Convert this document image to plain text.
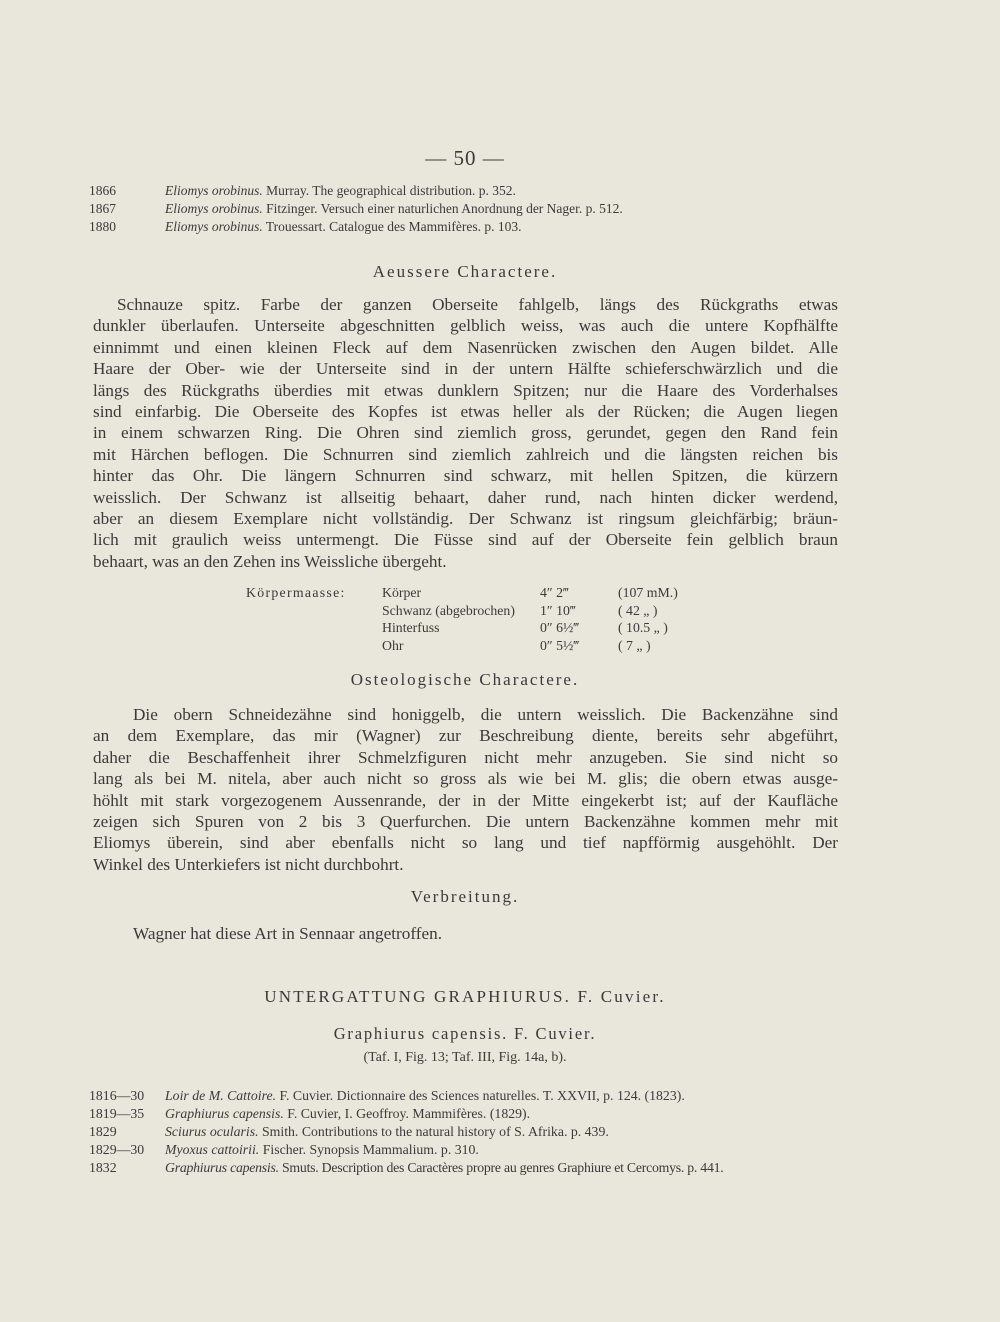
— 50 —
1866	Eliomys orobinus. Murray. The geographical distribution. p. 352.
1867	Eliomys orobinus. Fitzinger. Versuch einer naturlichen Anordnung der Nager. p. 512.
1880	Eliomys orobinus. Trouessart. Catalogue des Mammifères. p. 103.
Aeussere Charactere.
Schnauze spitz. Farbe der ganzen Oberseite fahlgelb, längs des Rückgraths etwas
dunkler überlaufen. Unterseite abgeschnitten gelblich weiss, was auch die untere Kopfhälfte
einnimmt und einen kleinen Fleck auf dem Nasenrücken zwischen den Augen bildet. Alle
Haare der Ober- wie der Unterseite sind in der untern Hälfte schieferschwärzlich und die
längs des Rückgraths überdies mit etwas dunklern Spitzen; nur die Haare des Vorderhalses
sind einfarbig. Die Oberseite des Kopfes ist etwas heller als der Rücken; die Augen liegen
in einem schwarzen Ring. Die Ohren sind ziemlich gross, gerundet, gegen den Rand fein
mit Härchen beflogen. Die Schnurren sind ziemlich zahlreich und die längsten reichen bis
hinter das Ohr. Die längern Schnurren sind schwarz, mit hellen Spitzen, die kürzern
weisslich. Der Schwanz ist allseitig behaart, daher rund, nach hinten dicker werdend,
aber an diesem Exemplare nicht vollständig. Der Schwanz ist ringsum gleichfärbig; bräun-
lich mit graulich weiss untermengt. Die Füsse sind auf der Oberseite fein gelblich braun
behaart, was an den Zehen ins Weissliche übergeht.
Körpermaasse:	Körper	4″ 2‴	(107 mM.)
Schwanz (abgebrochen)	1″ 10‴	( 42 „ )
Hinterfuss	0″ 6½‴	( 10.5 „ )
Ohr	0″ 5½‴	( 7 „ )
Osteologische Charactere.
Die obern Schneidezähne sind honiggelb, die untern weisslich. Die Backenzähne sind
an dem Exemplare, das mir (Wagner) zur Beschreibung diente, bereits sehr abgeführt,
daher die Beschaffenheit ihrer Schmelzfiguren nicht mehr anzugeben. Sie sind nicht so
lang als bei M. nitela, aber auch nicht so gross als wie bei M. glis; die obern etwas ausge-
höhlt mit stark vorgezogenem Aussenrande, der in der Mitte eingekerbt ist; auf der Kaufläche
zeigen sich Spuren von 2 bis 3 Querfurchen. Die untern Backenzähne kommen mehr mit
Eliomys überein, sind aber ebenfalls nicht so lang und tief napfförmig ausgehöhlt. Der
Winkel des Unterkiefers ist nicht durchbohrt.
Verbreitung.
Wagner hat diese Art in Sennaar angetroffen.
UNTERGATTUNG GRAPHIURUS. F. Cuvier.
Graphiurus capensis. F. Cuvier.
(Taf. I, Fig. 13; Taf. III, Fig. 14a, b).
1816—30	Loir de M. Cattoire. F. Cuvier. Dictionnaire des Sciences naturelles. T. XXVII, p. 124. (1823).
1819—35	Graphiurus capensis. F. Cuvier, I. Geoffroy. Mammifères. (1829).
1829	Sciurus ocularis. Smith. Contributions to the natural history of S. Afrika. p. 439.
1829—30	Myoxus cattoirii. Fischer. Synopsis Mammalium. p. 310.
1832	Graphiurus capensis. Smuts. Description des Caractères propre au genres Graphiure et Cercomys. p. 441.
